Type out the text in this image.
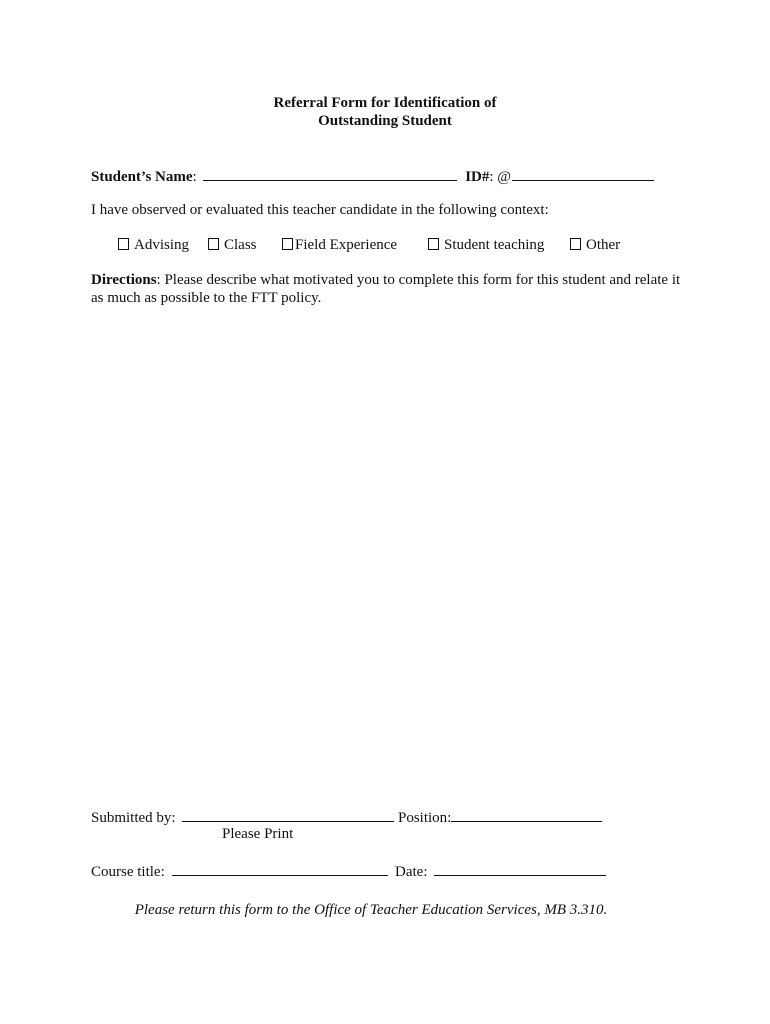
Referral Form for Identification of
Outstanding Student
Student’s Name:	ID#: @
I have observed or evaluated this teacher candidate in the following context:
Advising Class	Field Experience	Student teaching	Other
Directions: Please describe what motivated you to complete this form for this student and relate it as much as possible to the FTT policy.
Submitted by:	Position:
Please Print
Course title:	Date:
Please return this form to the Office of Teacher Education Services, MB 3.310.
